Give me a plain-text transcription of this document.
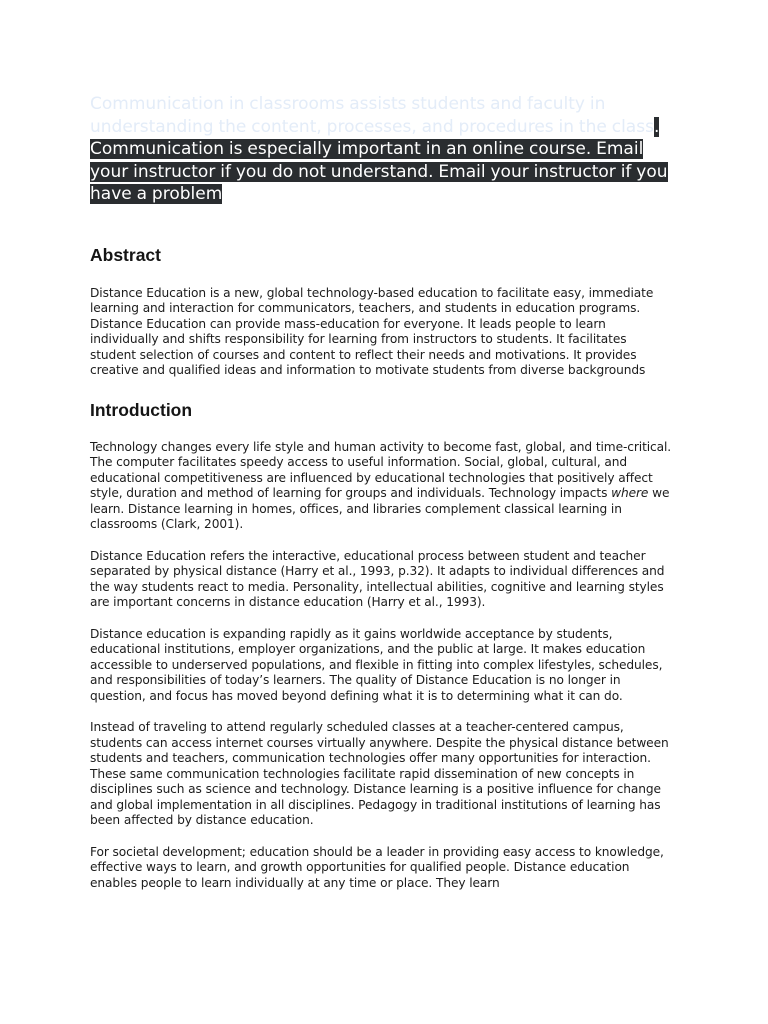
Communication in classrooms assists students and faculty in understanding the content, processes, and procedures in the class. Communication is especially important in an online course. Email your instructor if you do not understand. Email your instructor if you have a problem

Abstract

Distance Education is a new, global technology-based education to facilitate easy, immediate learning and interaction for communicators, teachers, and students in education programs. Distance Education can provide mass-education for everyone. It leads people to learn individually and shifts responsibility for learning from instructors to students. It facilitates student selection of courses and content to reflect their needs and motivations. It provides creative and qualified ideas and information to motivate students from diverse backgrounds

Introduction

Technology changes every life style and human activity to become fast, global, and time-critical. The computer facilitates speedy access to useful information. Social, global, cultural, and educational competitiveness are influenced by educational technologies that positively affect style, duration and method of learning for groups and individuals. Technology impacts where we learn. Distance learning in homes, offices, and libraries complement classical learning in classrooms (Clark, 2001).

Distance Education refers the interactive, educational process between student and teacher separated by physical distance (Harry et al., 1993, p.32). It adapts to individual differences and the way students react to media. Personality, intellectual abilities, cognitive and learning styles are important concerns in distance education (Harry et al., 1993).

Distance education is expanding rapidly as it gains worldwide acceptance by students, educational institutions, employer organizations, and the public at large. It makes education accessible to underserved populations, and flexible in fitting into complex lifestyles, schedules, and responsibilities of today’s learners. The quality of Distance Education is no longer in question, and focus has moved beyond defining what it is to determining what it can do.

Instead of traveling to attend regularly scheduled classes at a teacher-centered campus, students can access internet courses virtually anywhere. Despite the physical distance between students and teachers, communication technologies offer many opportunities for interaction. These same communication technologies facilitate rapid dissemination of new concepts in disciplines such as science and technology. Distance learning is a positive influence for change and global implementation in all disciplines. Pedagogy in traditional institutions of learning has been affected by distance education.

For societal development; education should be a leader in providing easy access to knowledge, effective ways to learn, and growth opportunities for qualified people. Distance education enables people to learn individually at any time or place. They learn
